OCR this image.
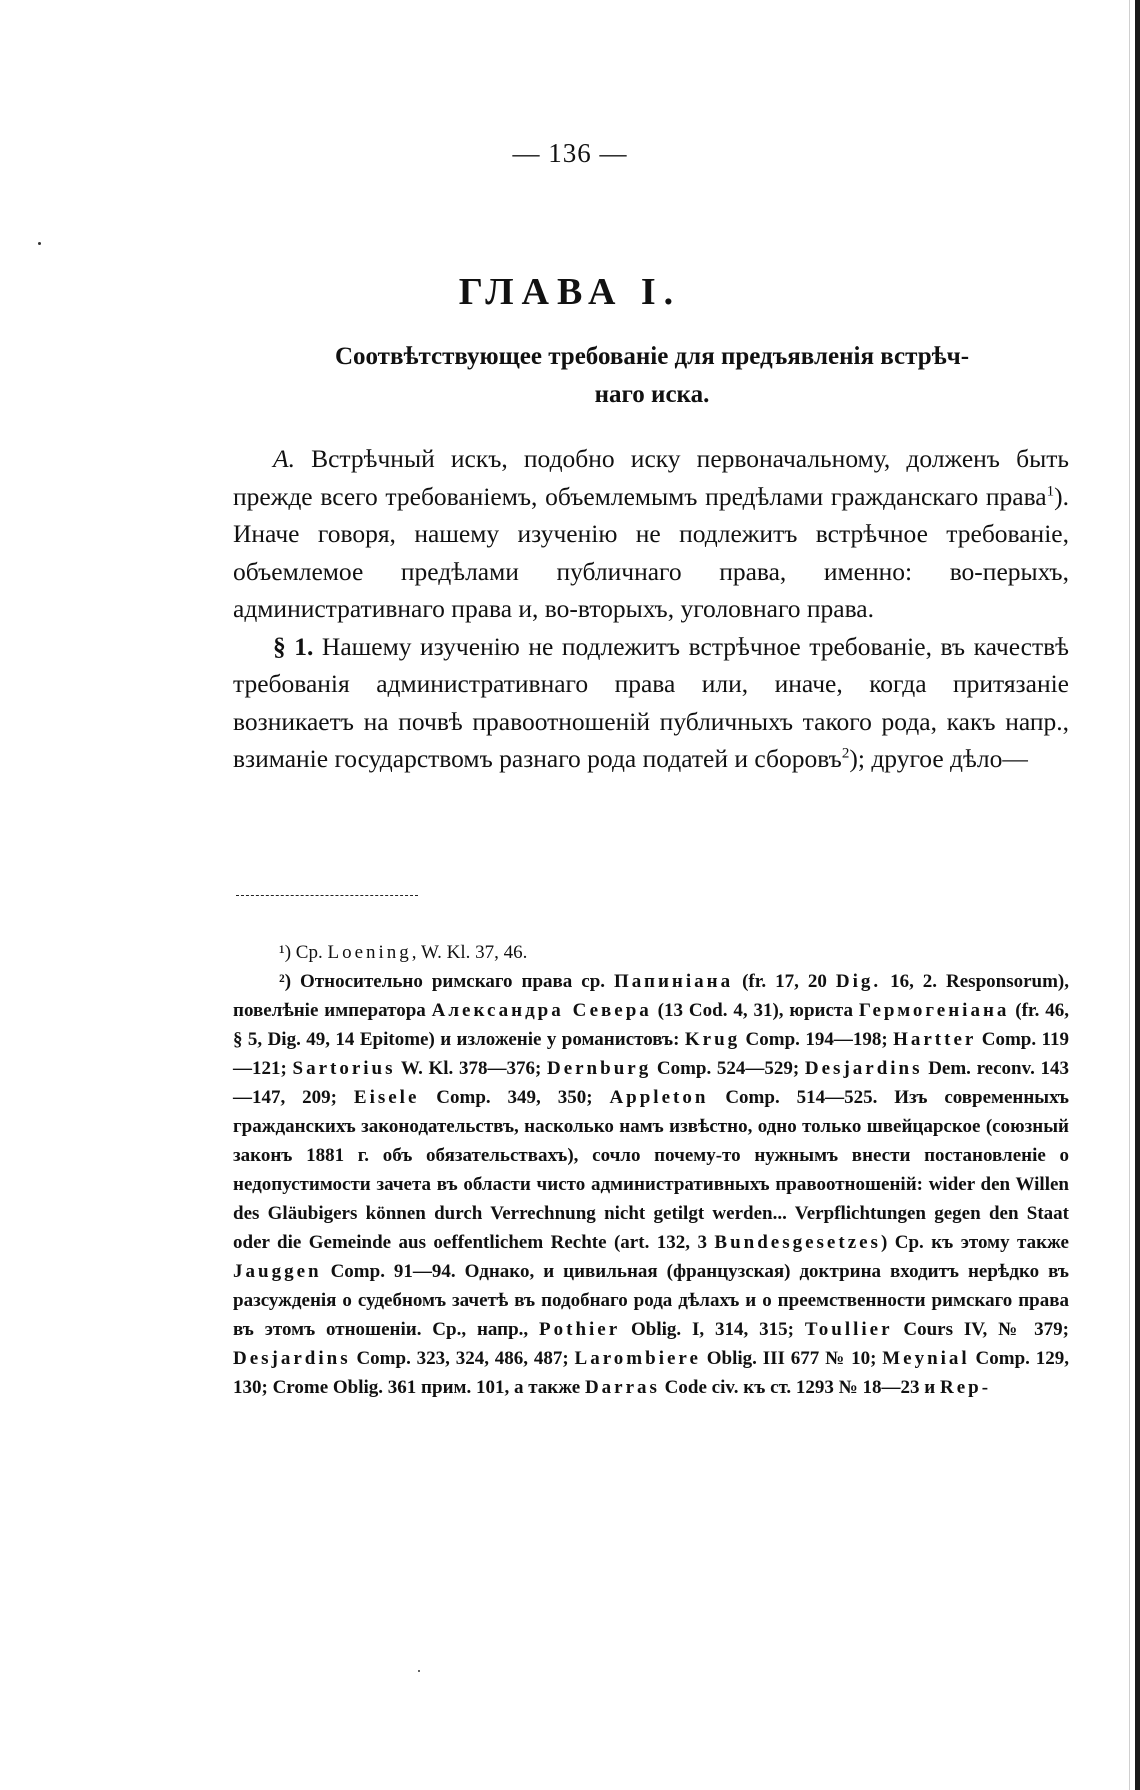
— 136 —
ГЛАВА I.
Соотвѣтствующее требованіе для предъявленія встрѣч-
наго иска.

А. Встрѣчный искъ, подобно иску первоначальному, долженъ быть прежде всего требованіемъ, объемлемымъ предѣлами гражданскаго права$^1$). Иначе говоря, нашему изученію не подлежитъ встрѣчное требованіе, объемлемое предѣлами публичнаго права, именно: во-перыхъ, административнаго права и, во-вторыхъ, уголовнаго права.

§ 1. Нашему изученію не подлежитъ встрѣчное требованіе, въ качествѣ требованія административнаго права или, иначе, когда притязаніе возникаетъ на почвѣ правоотношеній публичныхъ такого рода, какъ напр., взиманіе государствомъ разнаго рода податей и сборовъ$^2$); другое дѣло—

¹) Ср. Loening, W. Kl. 37, 46.

²) Относительно римскаго права ср. Папиніана (fr. 17, 20 Dig. 16, 2. Responsorum), повелѣніе императора Александра Севера (13 Cod. 4, 31), юриста Гермогеніана (fr. 46, § 5, Dig. 49, 14 Epitome) и изложеніе у романистовъ: Krug Comp. 194—198; Hartter Comp. 119—121; Sartorius W. Kl. 378—376; Dernburg Comp. 524—529; Desjardins Dem. reconv. 143—147, 209; Eisele Comp. 349, 350; Appleton Comp. 514—525. Изъ современныхъ гражданскихъ законодательствъ, насколько намъ извѣстно, одно только швейцарское (союзный законъ 1881 г. объ обязательствахъ), сочло почему-то нужнымъ внести постановленіе о недопустимости зачета въ области чисто административныхъ правоотношеній: wider den Willen des Gläubigers können durch Verrechnung nicht getilgt werden... Verpflichtungen gegen den Staat oder die Gemeinde aus oeffentlichem Rechte (art. 132, 3 Bundesgesetzes) Ср. къ этому также Jauggen Comp. 91—94. Однако, и цивильная (французская) доктрина входитъ нерѣдко въ разсужденія о судебномъ зачетѣ въ подобнаго рода дѣлахъ и о преемственности римскаго права въ этомъ отношеніи. Ср., напр., Pothier Oblig. I, 314, 315; Toullier Cours IV, № 379; Desjardins Comp. 323, 324, 486, 487; Larombiere Oblig. III 677 № 10; Meynial Comp. 129, 130; Crome Oblig. 361 прим. 101, а также Darras Code civ. къ ст. 1293 № 18—23 и Rep-
